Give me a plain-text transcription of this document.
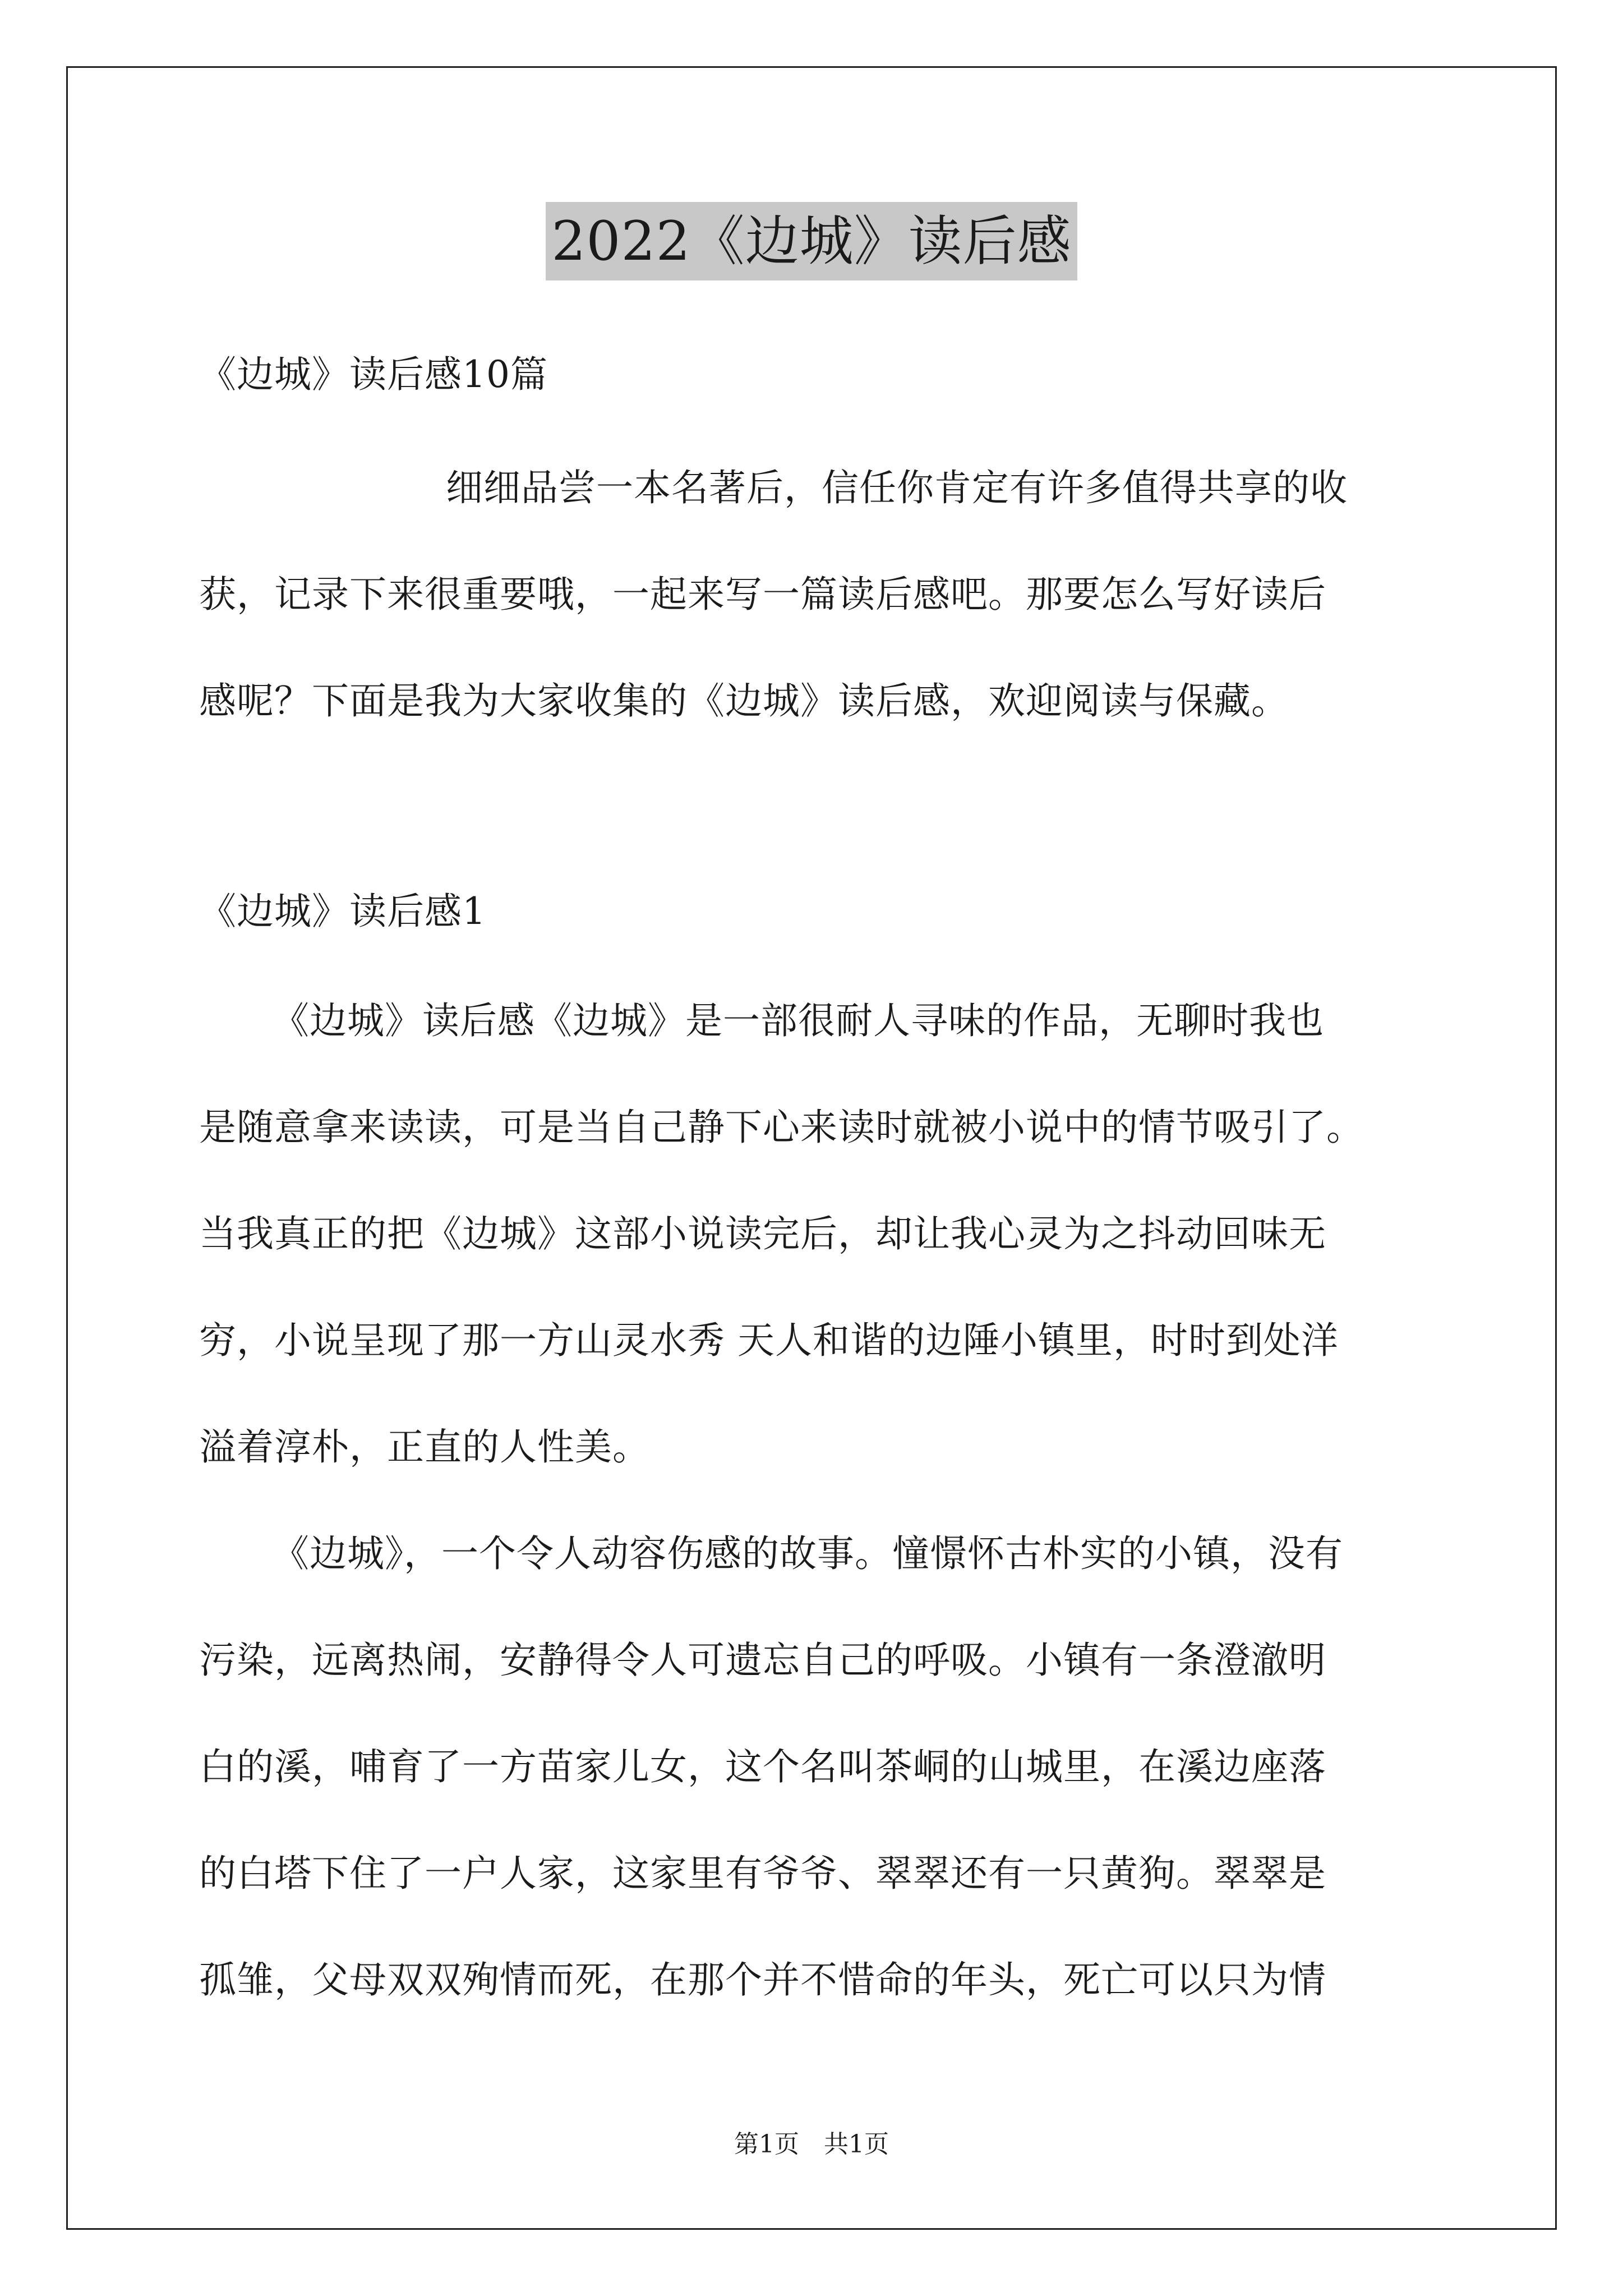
2022《边城》读后感
《边城》读后感10篇
细细品尝一本名著后，信任你肯定有许多值得共享的收
获，记录下来很重要哦，一起来写一篇读后感吧。那要怎么写好读后
感呢？下面是我为大家收集的《边城》读后感，欢迎阅读与保藏。
《边城》读后感1
《边城》读后感《边城》是一部很耐人寻味的作品，无聊时我也
是随意拿来读读，可是当自己静下心来读时就被小说中的情节吸引了。
当我真正的把《边城》这部小说读完后，却让我心灵为之抖动回味无
穷，小说呈现了那一方山灵水秀 天人和谐的边陲小镇里，时时到处洋
溢着淳朴，正直的人性美。
《边城》，一个令人动容伤感的故事。憧憬怀古朴实的小镇，没有
污染，远离热闹，安静得令人可遗忘自己的呼吸。小镇有一条澄澈明
白的溪，哺育了一方苗家儿女，这个名叫茶峒的山城里，在溪边座落
的白塔下住了一户人家，这家里有爷爷、翠翠还有一只黄狗。翠翠是
孤雏，父母双双殉情而死，在那个并不惜命的年头，死亡可以只为情
第1页　共1页
